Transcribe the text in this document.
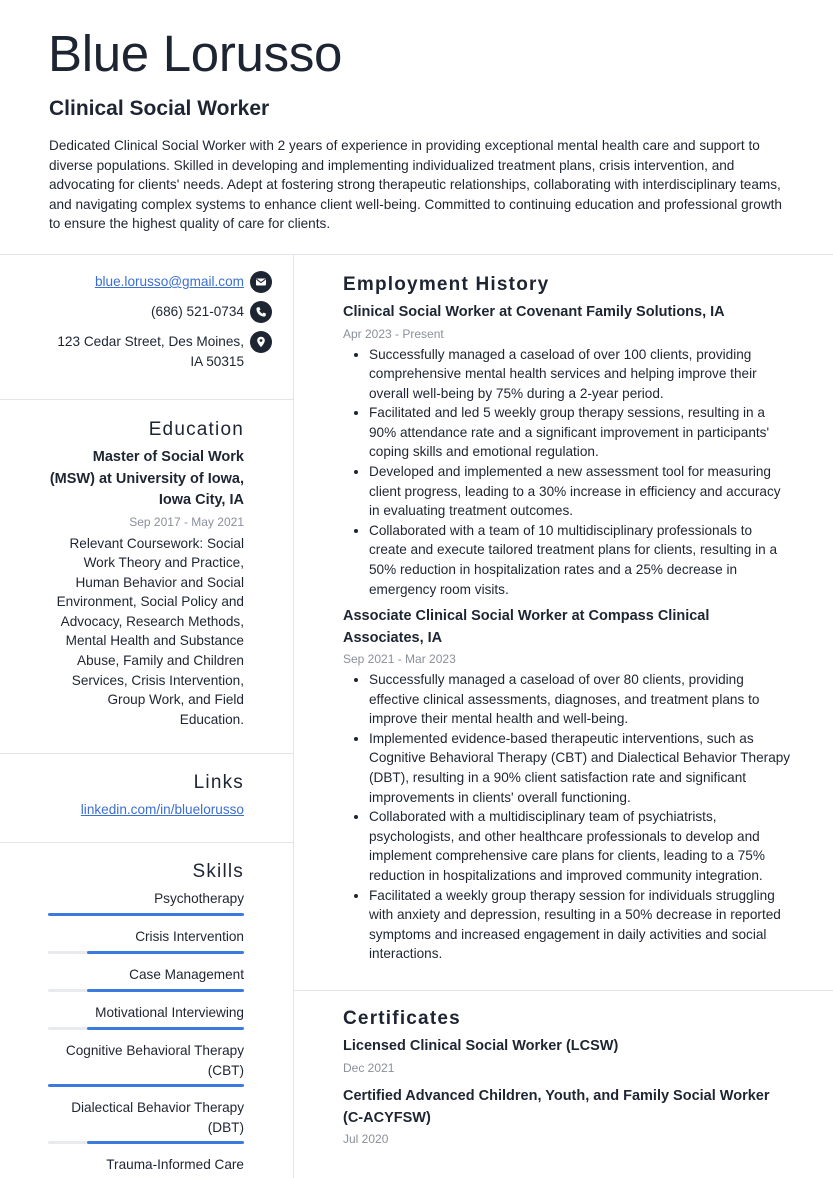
Blue Lorusso
Clinical Social Worker

Dedicated Clinical Social Worker with 2 years of experience in providing exceptional mental health care and support to diverse populations. Skilled in developing and implementing individualized treatment plans, crisis intervention, and advocating for clients' needs. Adept at fostering strong therapeutic relationships, collaborating with interdisciplinary teams, and navigating complex systems to enhance client well-being. Committed to continuing education and professional growth to ensure the highest quality of care for clients.

blue.lorusso@gmail.com
(686) 521-0734
123 Cedar Street, Des Moines, IA 50315
Education
Master of Social Work (MSW) at University of Iowa, Iowa City, IA
Sep 2017 - May 2021
Relevant Coursework: Social Work Theory and Practice, Human Behavior and Social Environment, Social Policy and Advocacy, Research Methods, Mental Health and Substance Abuse, Family and Children Services, Crisis Intervention, Group Work, and Field Education.
Links
linkedin.com/in/bluelorusso
Skills
Psychotherapy
Crisis Intervention
Case Management
Motivational Interviewing
Cognitive Behavioral Therapy (CBT)
Dialectical Behavior Therapy (DBT)
Trauma-Informed Care
Employment History
Clinical Social Worker at Covenant Family Solutions, IA
Apr 2023 - Present
• Successfully managed a caseload of over 100 clients, providing comprehensive mental health services and helping improve their overall well-being by 75% during a 2-year period.
• Facilitated and led 5 weekly group therapy sessions, resulting in a 90% attendance rate and a significant improvement in participants' coping skills and emotional regulation.
• Developed and implemented a new assessment tool for measuring client progress, leading to a 30% increase in efficiency and accuracy in evaluating treatment outcomes.
• Collaborated with a team of 10 multidisciplinary professionals to create and execute tailored treatment plans for clients, resulting in a 50% reduction in hospitalization rates and a 25% decrease in emergency room visits.
Associate Clinical Social Worker at Compass Clinical Associates, IA
Sep 2021 - Mar 2023
• Successfully managed a caseload of over 80 clients, providing effective clinical assessments, diagnoses, and treatment plans to improve their mental health and well-being.
• Implemented evidence-based therapeutic interventions, such as Cognitive Behavioral Therapy (CBT) and Dialectical Behavior Therapy (DBT), resulting in a 90% client satisfaction rate and significant improvements in clients' overall functioning.
• Collaborated with a multidisciplinary team of psychiatrists, psychologists, and other healthcare professionals to develop and implement comprehensive care plans for clients, leading to a 75% reduction in hospitalizations and improved community integration.
• Facilitated a weekly group therapy session for individuals struggling with anxiety and depression, resulting in a 50% decrease in reported symptoms and increased engagement in daily activities and social interactions.
Certificates
Licensed Clinical Social Worker (LCSW)
Dec 2021
Certified Advanced Children, Youth, and Family Social Worker (C-ACYFSW)
Jul 2020
